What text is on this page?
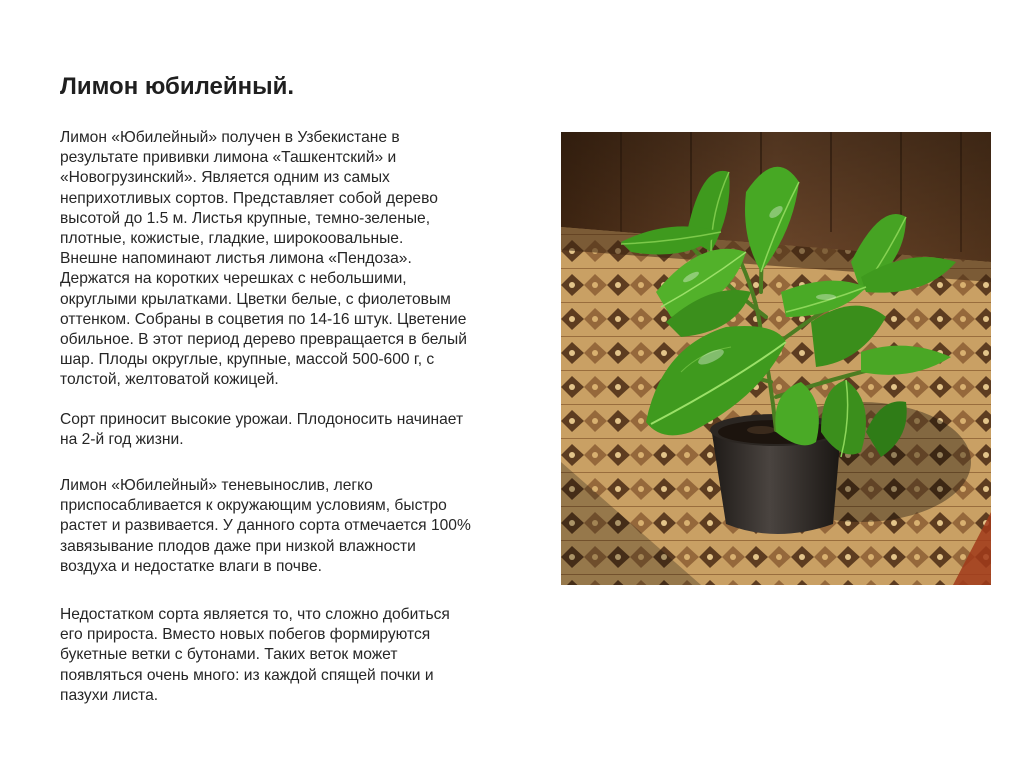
Лимон юбилейный.

Лимон «Юбилейный» получен в Узбекистане в
результате прививки лимона «Ташкентский» и
«Новогрузинский». Является одним из самых
неприхотливых сортов. Представляет собой дерево
высотой до 1.5 м. Листья крупные, темно-зеленые,
плотные, кожистые, гладкие, широкоовальные.
Внешне напоминают листья лимона «Пендоза».
Держатся на коротких черешках с небольшими,
округлыми крылатками. Цветки белые, с фиолетовым
оттенком. Собраны в соцветия по 14-16 штук. Цветение
обильное. В этот период дерево превращается в белый
шар. Плоды округлые, крупные, массой 500-600 г, с
толстой, желтоватой кожицей.

Сорт приносит высокие урожаи. Плодоносить начинает
на 2-й год жизни.

Лимон «Юбилейный» теневынослив, легко
приспосабливается к окружающим условиям, быстро
растет и развивается. У данного сорта отмечается 100%
завязывание плодов даже при низкой влажности
воздуха и недостатке влаги в почве.

Недостатком сорта является то, что сложно добиться
его прироста. Вместо новых побегов формируются
букетные ветки с бутонами. Таких веток может
появляться очень много: из каждой спящей почки и
пазухи листа.
